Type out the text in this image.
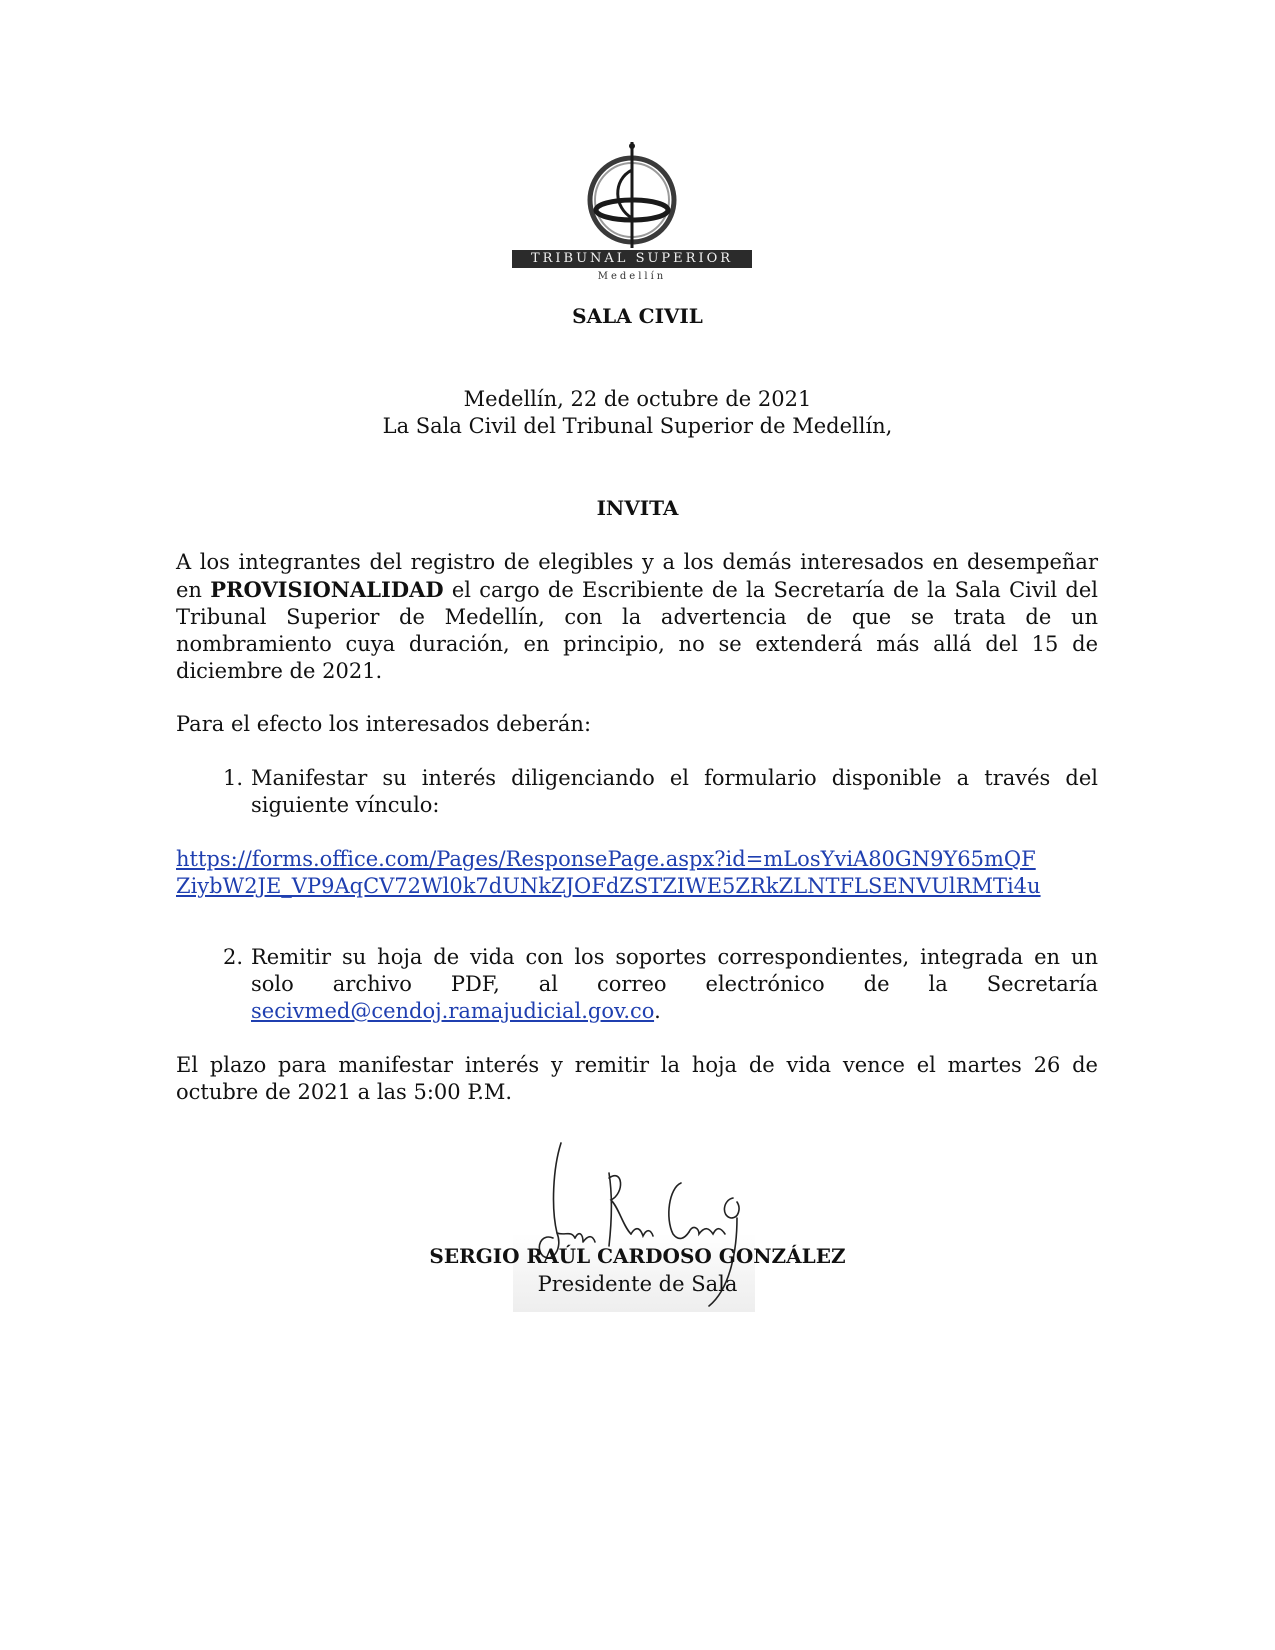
TRIBUNAL SUPERIOR
Medellín
SALA CIVIL
Medellín, 22 de octubre de 2021
La Sala Civil del Tribunal Superior de Medellín,
INVITA
A los integrantes del registro de elegibles y a los demás interesados en desempeñar en PROVISIONALIDAD el cargo de Escribiente de la Secretaría de la Sala Civil del Tribunal Superior de Medellín, con la advertencia de que se trata de un nombramiento cuya duración, en principio, no se extenderá más allá del 15 de diciembre de 2021.
Para el efecto los interesados deberán:
1. Manifestar su interés diligenciando el formulario disponible a través del siguiente vínculo:
https://forms.office.com/Pages/ResponsePage.aspx?id=mLosYviA80GN9Y65mQF
ZiybW2JE_VP9AqCV72Wl0k7dUNkZJOFdZSTZIWE5ZRkZLNTFLSENVUlRMTi4u
2. Remitir su hoja de vida con los soportes correspondientes, integrada en un solo archivo PDF, al correo electrónico de la Secretaría secivmed@cendoj.ramajudicial.gov.co.
El plazo para manifestar interés y remitir la hoja de vida vence el martes 26 de octubre de 2021 a las 5:00 P.M.
SERGIO RAÚL CARDOSO GONZÁLEZ
Presidente de Sala
